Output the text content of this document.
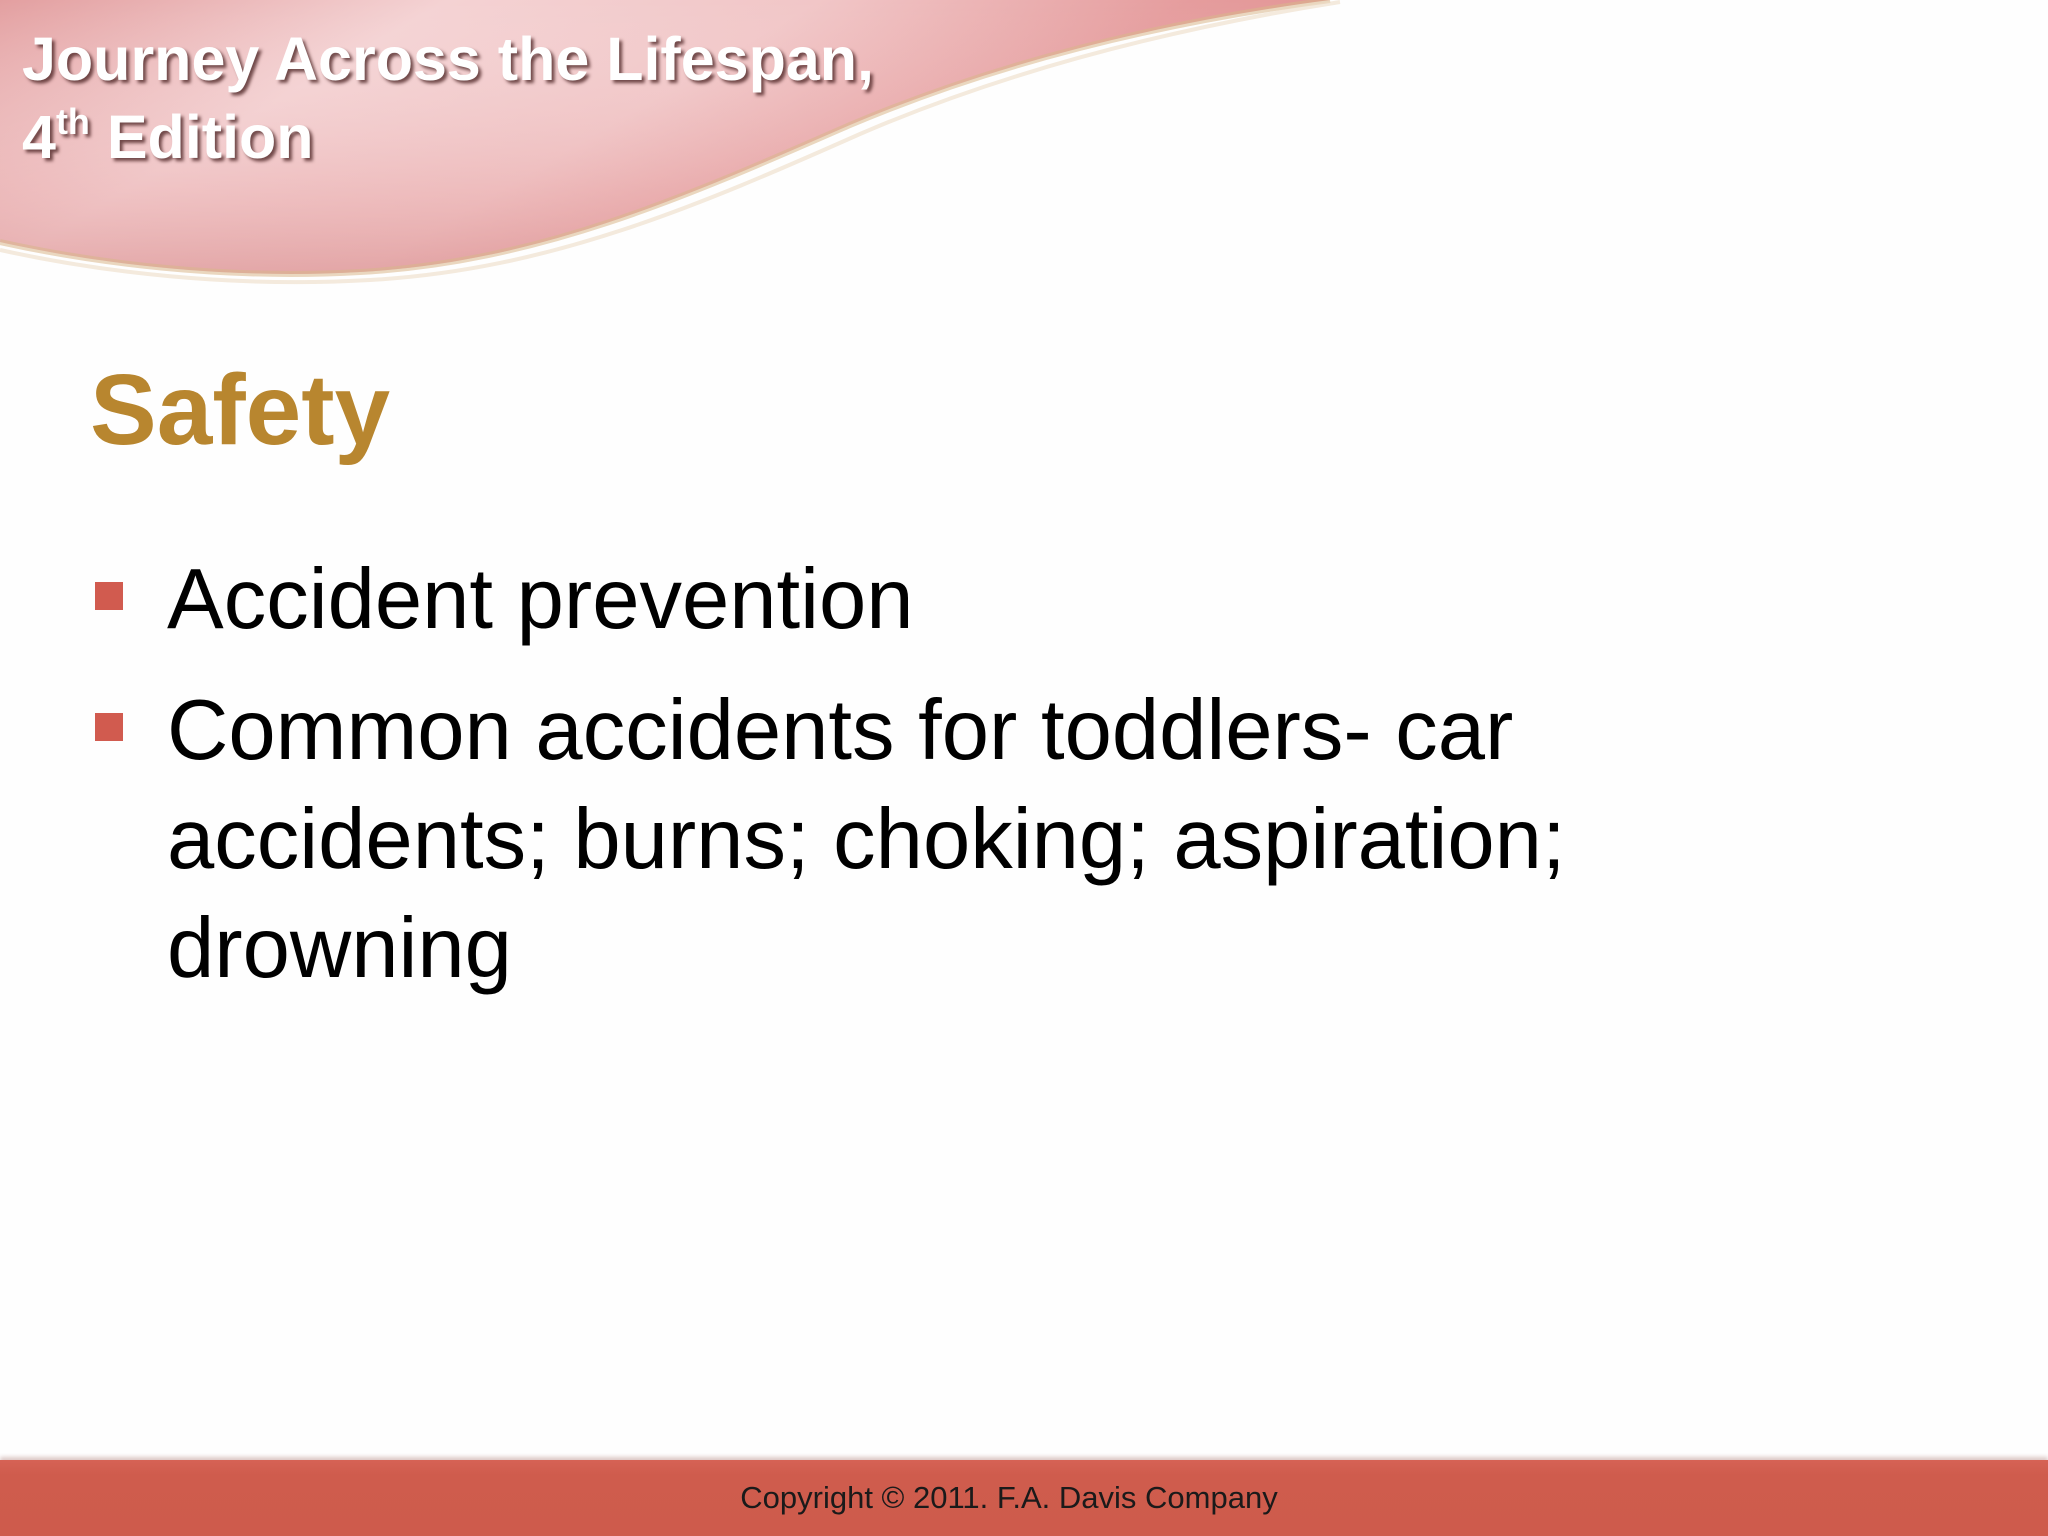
Journey Across the Lifespan,
4th Edition
Safety
Accident prevention
Common accidents for toddlers- car accidents; burns; choking; aspiration; drowning
Copyright © 2011. F.A. Davis Company
